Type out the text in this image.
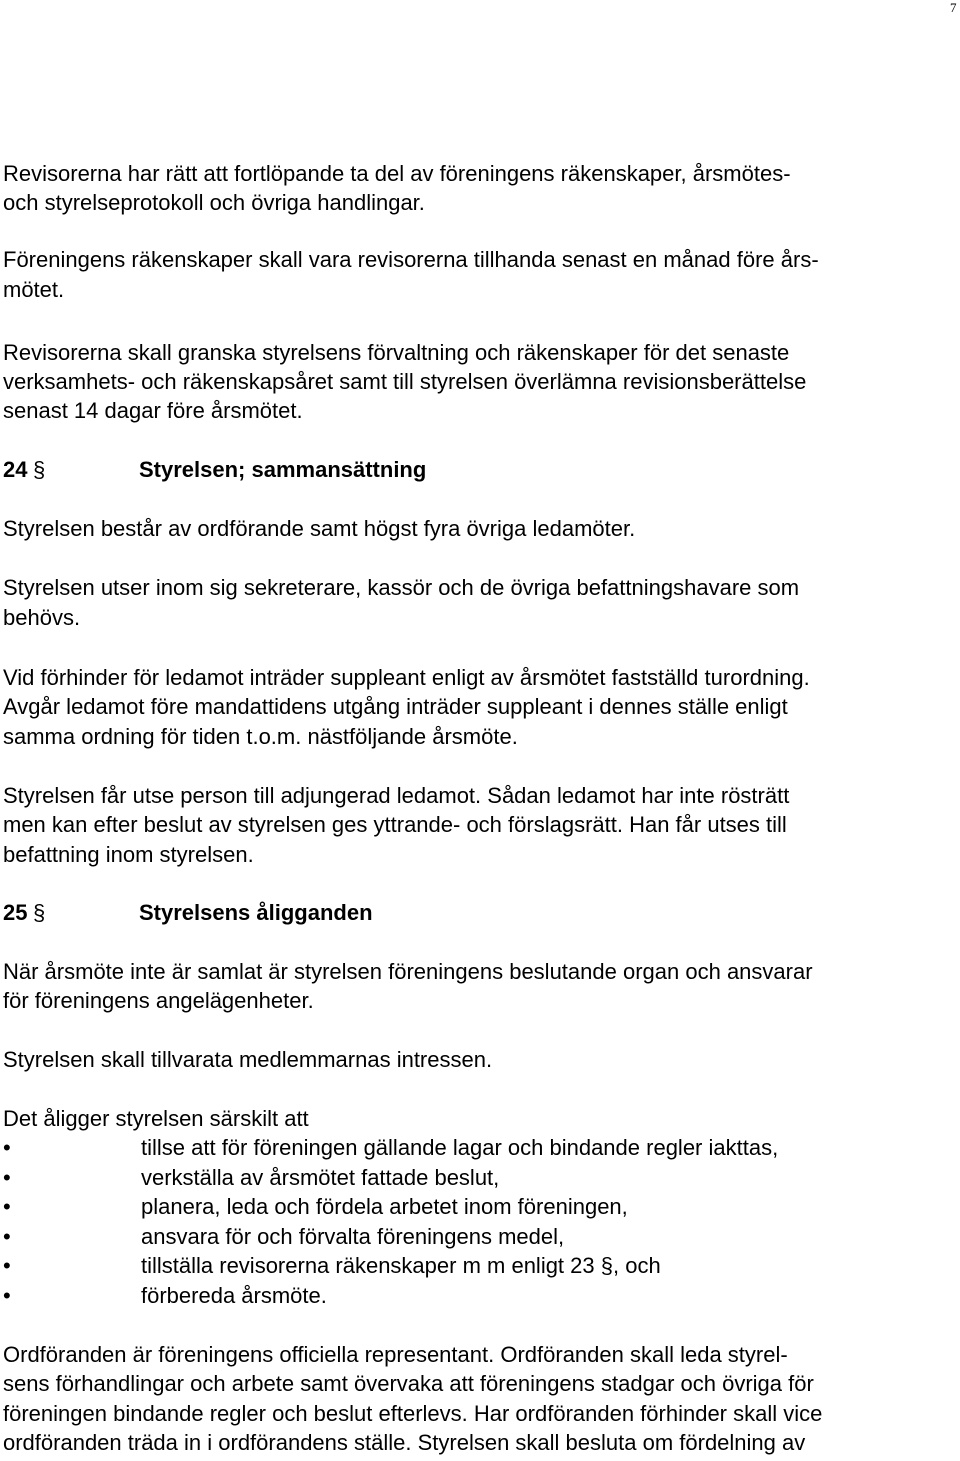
7
Revisorerna har rätt att fortlöpande ta del av föreningens räkenskaper, årsmötes-
och styrelseprotokoll och övriga handlingar.
Föreningens räkenskaper skall vara revisorerna tillhanda senast en månad före års-
mötet.
Revisorerna skall granska styrelsens förvaltning och räkenskaper för det senaste
verksamhets- och räkenskapsåret samt till styrelsen överlämna revisionsberättelse
senast 14 dagar före årsmötet.
24 §	Styrelsen; sammansättning
Styrelsen består av ordförande samt högst fyra övriga ledamöter.
Styrelsen utser inom sig sekreterare, kassör och de övriga befattningshavare som
behövs.
Vid förhinder för ledamot inträder suppleant enligt av årsmötet fastställd turordning.
Avgår ledamot före mandattidens utgång inträder suppleant i dennes ställe enligt
samma ordning för tiden t.o.m. nästföljande årsmöte.
Styrelsen får utse person till adjungerad ledamot. Sådan ledamot har inte rösträtt
men kan efter beslut av styrelsen ges yttrande- och förslagsrätt. Han får utses till
befattning inom styrelsen.
25 §	Styrelsens åligganden
När årsmöte inte är samlat är styrelsen föreningens beslutande organ och ansvarar
för föreningens angelägenheter.
Styrelsen skall tillvarata medlemmarnas intressen.
Det åligger styrelsen särskilt att
•	tillse att för föreningen gällande lagar och bindande regler iakttas,
•	verkställa av årsmötet fattade beslut,
•	planera, leda och fördela arbetet inom föreningen,
•	ansvara för och förvalta föreningens medel,
•	tillställa revisorerna räkenskaper m m enligt 23 §, och
•	förbereda årsmöte.
Ordföranden är föreningens officiella representant. Ordföranden skall leda styrel-
sens förhandlingar och arbete samt övervaka att föreningens stadgar och övriga för
föreningen bindande regler och beslut efterlevs. Har ordföranden förhinder skall vice
ordföranden träda in i ordförandens ställe. Styrelsen skall besluta om fördelning av
